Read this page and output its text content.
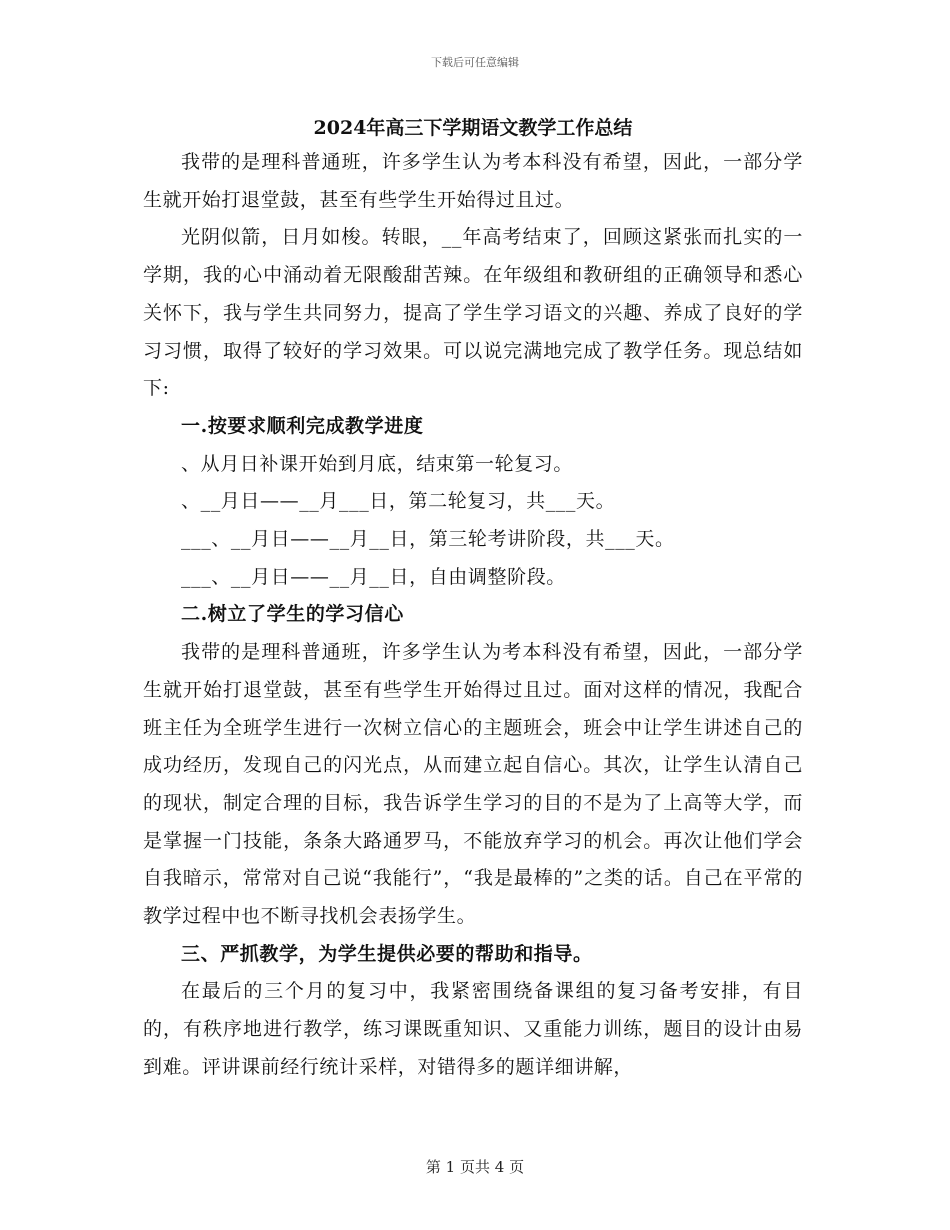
下载后可任意编辑
2024年高三下学期语文教学工作总结

我带的是理科普通班，许多学生认为考本科没有希望，因此，一部分学生就开始打退堂鼓，甚至有些学生开始得过且过。

光阴似箭，日月如梭。转眼，__年高考结束了，回顾这紧张而扎实的一学期，我的心中涌动着无限酸甜苦辣。在年级组和教研组的正确领导和悉心关怀下，我与学生共同努力，提高了学生学习语文的兴趣、养成了良好的学习习惯，取得了较好的学习效果。可以说完满地完成了教学任务。现总结如下:

一.按要求顺利完成教学进度

、从月日补课开始到月底，结束第一轮复习。

、__月日——__月___日，第二轮复习，共___天。

___、__月日——__月__日，第三轮考讲阶段，共___天。

___、__月日——__月__日，自由调整阶段。

二.树立了学生的学习信心

我带的是理科普通班，许多学生认为考本科没有希望，因此，一部分学生就开始打退堂鼓，甚至有些学生开始得过且过。面对这样的情况，我配合班主任为全班学生进行一次树立信心的主题班会，班会中让学生讲述自己的成功经历，发现自己的闪光点，从而建立起自信心。其次，让学生认清自己的现状，制定合理的目标，我告诉学生学习的目的不是为了上高等大学，而是掌握一门技能，条条大路通罗马，不能放弃学习的机会。再次让他们学会自我暗示，常常对自己说“我能行”，“我是最棒的”之类的话。自己在平常的教学过程中也不断寻找机会表扬学生。

三、严抓教学，为学生提供必要的帮助和指导。

在最后的三个月的复习中，我紧密围绕备课组的复习备考安排，有目的，有秩序地进行教学，练习课既重知识、又重能力训练，题目的设计由易到难。评讲课前经行统计采样，对错得多的题详细讲解，

第 1 页共 4 页
